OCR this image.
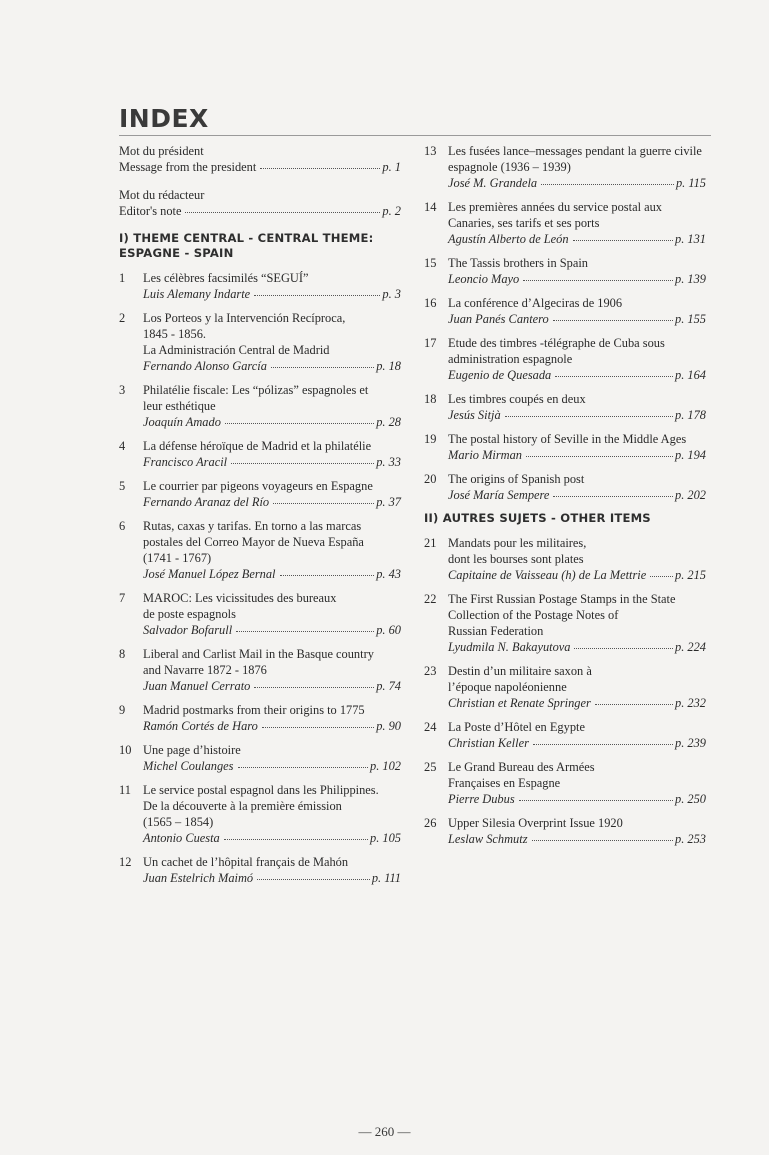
INDEX
Mot du président
Message from the president	p. 1
Mot du rédacteur
Editor's note	p. 2
I) THEME CENTRAL - CENTRAL THEME: ESPAGNE - SPAIN
1	Les célèbres facsimilés “SEGUÍ”
Luis Alemany Indarte	p. 3
2	Los Porteos y la Intervención Recíproca,
1845 - 1856.
La Administración Central de Madrid
Fernando Alonso García	p. 18
3	Philatélie fiscale: Les “pólizas” espagnoles et
leur esthétique
Joaquín Amado	p. 28
4	La défense héroïque de Madrid et la philatélie
Francisco Aracil	p. 33
5	Le courrier par pigeons voyageurs en Espagne
Fernando Aranaz del Río	p. 37
6	Rutas, caxas y tarifas. En torno a las marcas
postales del Correo Mayor de Nueva España
(1741 - 1767)
José Manuel López Bernal	p. 43
7	MAROC: Les vicissitudes des bureaux
de poste espagnols
Salvador Bofarull	p. 60
8	Liberal and Carlist Mail in the Basque country
and Navarre 1872 - 1876
Juan Manuel Cerrato	p. 74
9	Madrid postmarks from their origins to 1775
Ramón Cortés de Haro	p. 90
10 Une page d’histoire
Michel Coulanges	p. 102
11 Le service postal espagnol dans les Philippines.
De la découverte à la première émission
(1565 – 1854)
Antonio Cuesta	p. 105
12 Un cachet de l’hôpital français de Mahón
Juan Estelrich Maimó	p. 111
13 Les fusées lance–messages pendant la guerre civile
espagnole (1936 – 1939)
José M. Grandela	p. 115
14 Les premières années du service postal aux
Canaries, ses tarifs et ses ports
Agustín Alberto de León	p. 131
15 The Tassis brothers in Spain
Leoncio Mayo	p. 139
16 La conférence d’Algeciras de 1906
Juan Panés Cantero	p. 155
17 Etude des timbres -télégraphe de Cuba sous
administration espagnole
Eugenio de Quesada	p. 164
18 Les timbres coupés en deux
Jesús Sitjà	p. 178
19 The postal history of Seville in the Middle Ages
Mario Mirman	p. 194
20 The origins of Spanish post
José María Sempere	p. 202
II) AUTRES SUJETS - OTHER ITEMS
21 Mandats pour les militaires,
dont les bourses sont plates
Capitaine de Vaisseau (h) de La Mettrie p. 215
22 The First Russian Postage Stamps in the State
Collection of the Postage Notes of
Russian Federation
Lyudmila N. Bakayutova	p. 224
23 Destin d’un militaire saxon à
l’époque napoléonienne
Christian et Renate Springer	p. 232
24 La Poste d’Hôtel en Egypte
Christian Keller	p. 239
25 Le Grand Bureau des Armées
Françaises en Espagne
Pierre Dubus	p. 250
26 Upper Silesia Overprint Issue 1920
Leslaw Schmutz	p. 253
— 260 —
